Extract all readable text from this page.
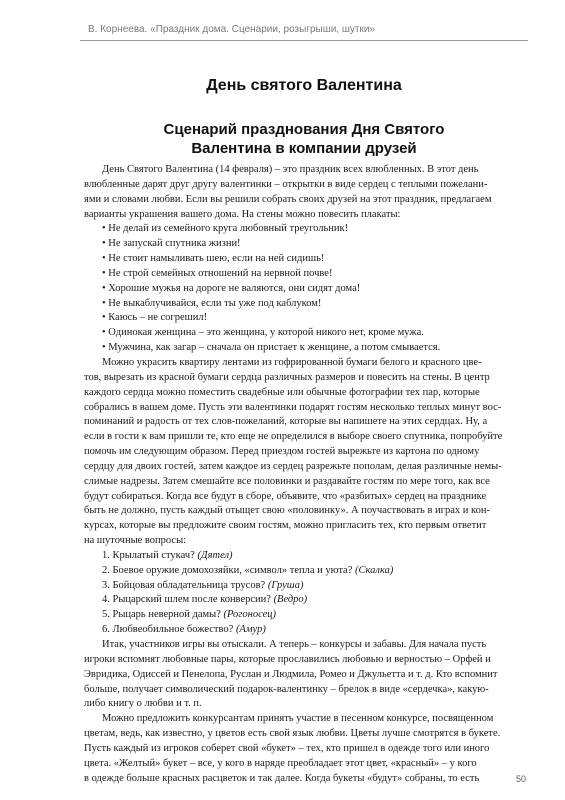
В. Корнеева. «Праздник дома. Сценарии, розыгрыши, шутки»
День святого Валентина
Сценарий празднования Дня Святого
Валентина в компании друзей
День Святого Валентина (14 февраля) – это праздник всех влюбленных. В этот день
влюбленные дарят друг другу валентинки – открытки в виде сердец с теплыми пожелани-
ями и словами любви. Если вы решили собрать своих друзей на этот праздник, предлагаем
варианты украшения вашего дома. На стены можно повесить плакаты:
• Не делай из семейного круга любовный треугольник!
• Не запускай спутника жизни!
• Не стоит намыливать шею, если на ней сидишь!
• Не строй семейных отношений на нервной почве!
• Хорошие мужья на дороге не валяются, они сидят дома!
• Не выкаблучивайся, если ты уже под каблуком!
• Каюсь – не согрешил!
• Одинокая женщина – это женщина, у которой никого нет, кроме мужа.
• Мужчина, как загар – сначала он пристает к женщине, а потом смывается.
Можно украсить квартиру лентами из гофрированной бумаги белого и красного цве-
тов, вырезать из красной бумаги сердца различных размеров и повесить на стены. В центр
каждого сердца можно поместить свадебные или обычные фотографии тех пар, которые
собрались в вашем доме. Пусть эти валентинки подарят гостям несколько теплых минут вос-
поминаний и радость от тех слов-пожеланий, которые вы напишете на этих сердцах. Ну, а
если в гости к вам пришли те, кто еще не определился в выборе своего спутника, попробуйте
помочь им следующим образом. Перед приездом гостей вырежьте из картона по одному
сердцу для двоих гостей, затем каждое из сердец разрежьте пополам, делая различные немы-
слимые надрезы. Затем смешайте все половинки и раздавайте гостям по мере того, как все
будут собираться. Когда все будут в сборе, объявите, что «разбитых» сердец на празднике
быть не должно, пусть каждый отыщет свою «половинку». А поучаствовать в играх и кон-
курсах, которые вы предложите своим гостям, можно пригласить тех, кто первым ответит
на шуточные вопросы:
1. Крылатый стукач? (Дятел)
2. Боевое оружие домохозяйки, «символ» тепла и уюта? (Скалка)
3. Бойцовая обладательница трусов? (Груша)
4. Рыцарский шлем после конверсии? (Ведро)
5. Рыцарь неверной дамы? (Рогоносец)
6. Любвеобильное божество? (Амур)
Итак, участников игры вы отыскали. А теперь – конкурсы и забавы. Для начала пусть
игроки вспомнят любовные пары, которые прославились любовью и верностью – Орфей и
Эвридика, Одиссей и Пенелопа, Руслан и Людмила, Ромео и Джульетта и т. д. Кто вспомнит
больше, получает символический подарок-валентинку – брелок в виде «сердечка», какую-
либо книгу о любви и т. п.
Можно предложить конкурсантам принять участие в песенном конкурсе, посвященном
цветам, ведь, как известно, у цветов есть свой язык любви. Цветы лучше смотрятся в букете.
Пусть каждый из игроков соберет свой «букет» – тех, кто пришел в одежде того или иного
цвета. «Желтый» букет – все, у кого в наряде преобладает этот цвет, «красный» – у кого
в одежде больше красных расцветок и так далее. Когда букеты «будут» собраны, то есть	50
